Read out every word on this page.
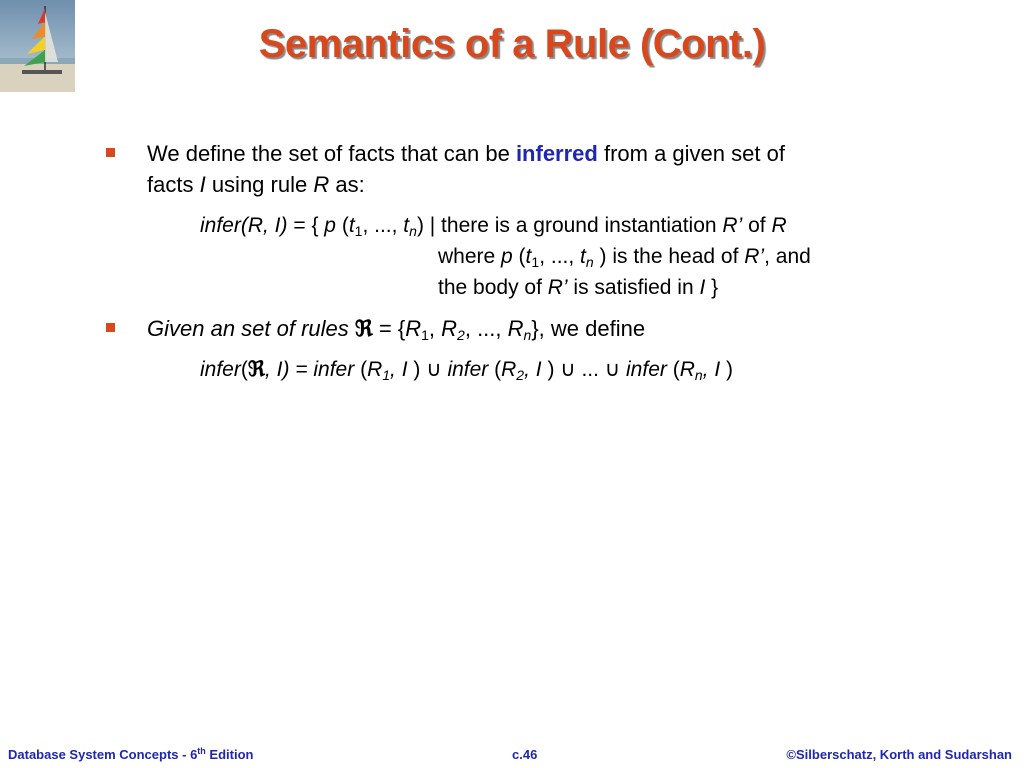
Semantics of a Rule (Cont.)
We define the set of facts that can be inferred from a given set of
facts I using rule R as:
infer(R, I) = { p ($t_1$, ..., $t_n$) | there is a ground instantiation R’ of R
where p ($t_1$, ..., $t_n$ ) is the head of R’, and
the body of R’ is satisfied in I }
Given an set of rules ℜ = {$R_1$, $R_2$, ..., $R_n$}, we define
infer(ℜ, I) = infer ($R_1$, I ) ∪ infer ($R_2$, I ) ∪ ... ∪ infer ($R_n$, I )
Database System Concepts - 6th Edition	c.46	©Silberschatz, Korth and Sudarshan
